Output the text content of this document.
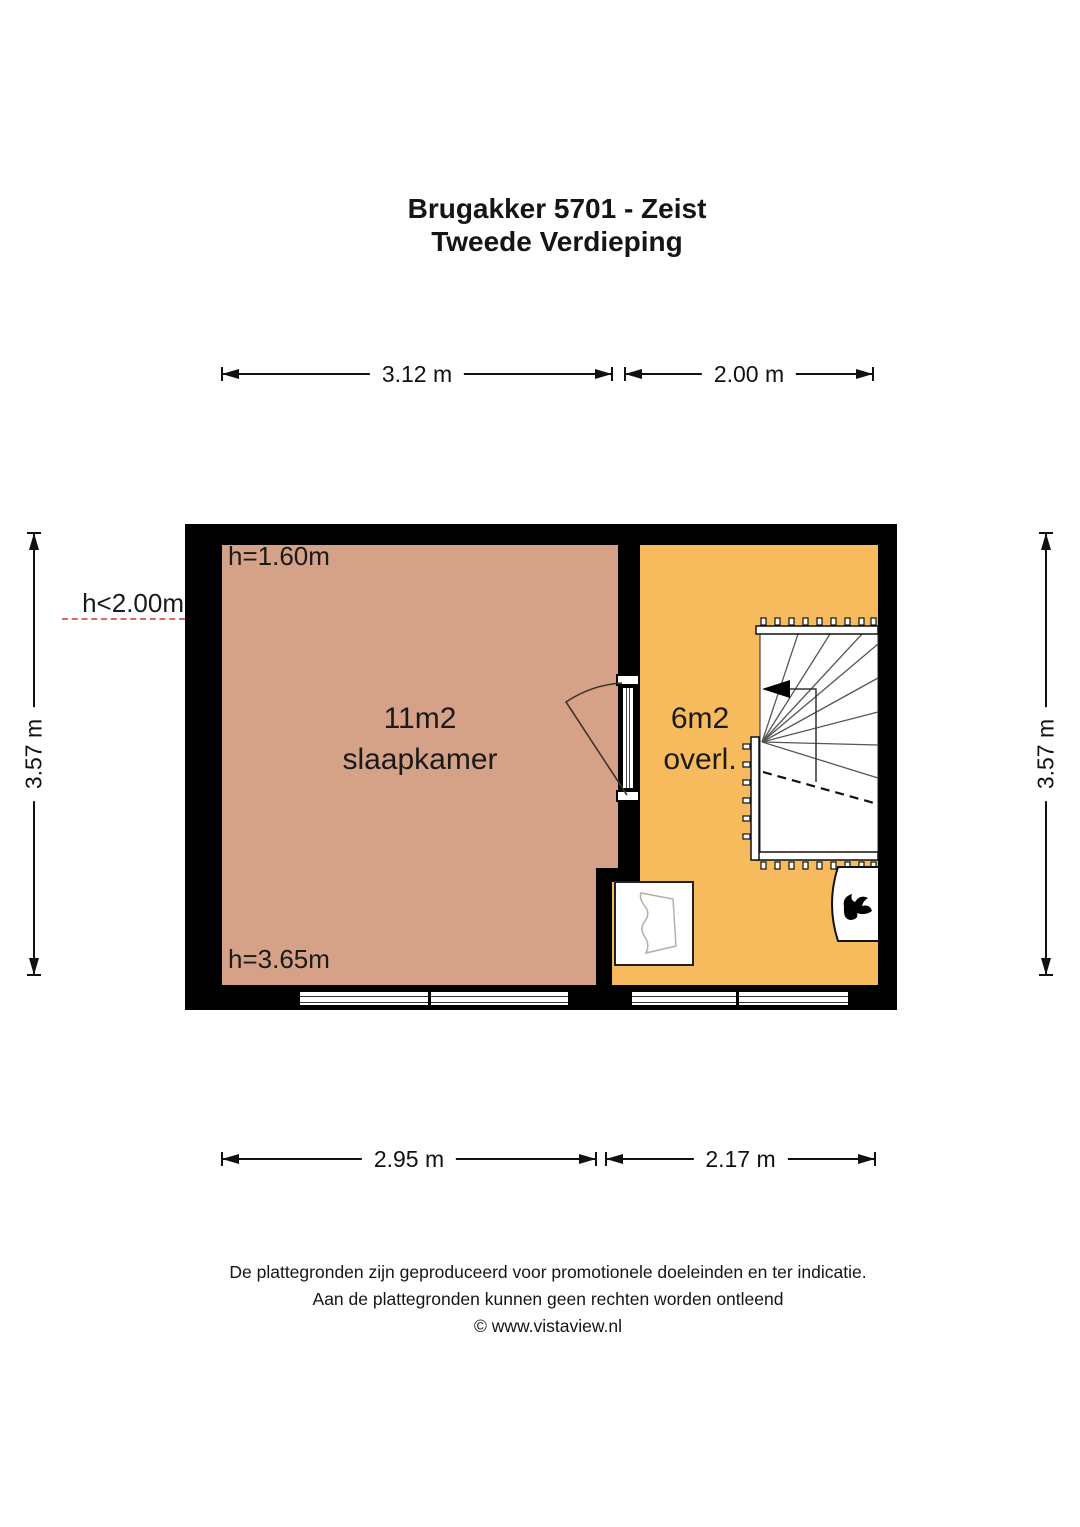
Brugakker 5701 - Zeist
Tweede Verdieping
3.12 m	2.00 m
3.57 m	3.57 m
h=1.60m
h=3.65m
h<2.00m
11m2
slaapkamer
6m2
overl.
2.95 m	2.17 m
De plattegronden zijn geproduceerd voor promotionele doeleinden en ter indicatie.
Aan de plattegronden kunnen geen rechten worden ontleend
© www.vistaview.nl
